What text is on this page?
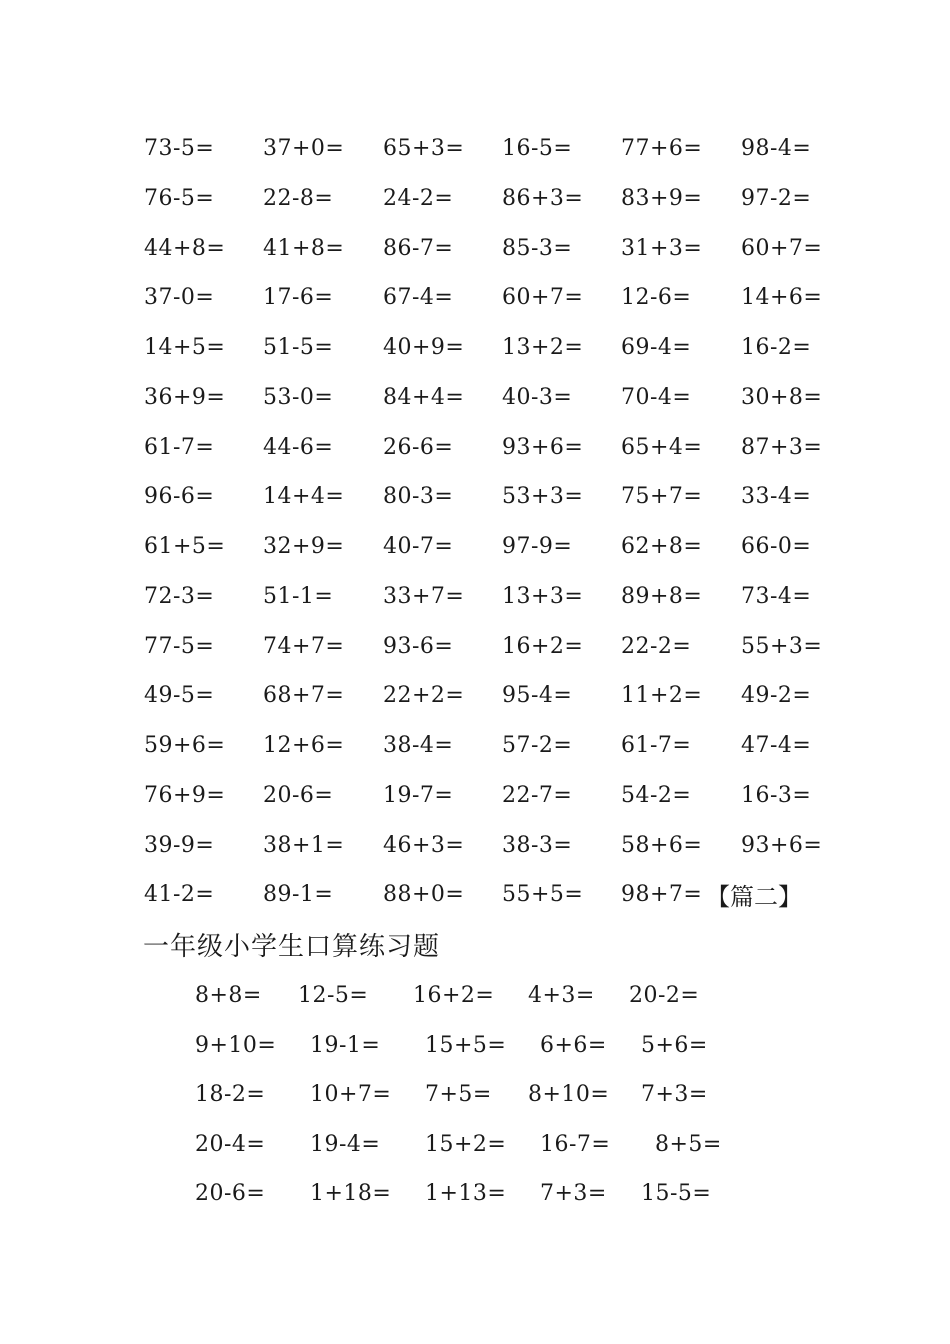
73-5= 37+0= 65+3= 16-5= 77+6= 98-4=
76-5= 22-8= 24-2= 86+3= 83+9= 97-2=
44+8= 41+8= 86-7= 85-3= 31+3= 60+7=
37-0= 17-6= 67-4= 60+7= 12-6= 14+6=
14+5= 51-5= 40+9= 13+2= 69-4= 16-2=
36+9= 53-0= 84+4= 40-3= 70-4= 30+8=
61-7= 44-6= 26-6= 93+6= 65+4= 87+3=
96-6= 14+4= 80-3= 53+3= 75+7= 33-4=
61+5= 32+9= 40-7= 97-9= 62+8= 66-0=
72-3= 51-1= 33+7= 13+3= 89+8= 73-4=
77-5= 74+7= 93-6= 16+2= 22-2= 55+3=
49-5= 68+7= 22+2= 95-4= 11+2= 49-2=
59+6= 12+6= 38-4= 57-2= 61-7= 47-4=
76+9= 20-6= 19-7= 22-7= 54-2= 16-3=
39-9= 38+1= 46+3= 38-3= 58+6= 93+6=
41-2= 89-1= 88+0= 55+5= 98+7= 【篇二】
一年级小学生口算练习题
8+8= 12-5= 16+2= 4+3= 20-2=
9+10= 19-1= 15+5= 6+6= 5+6=
18-2= 10+7= 7+5= 8+10= 7+3=
20-4= 19-4= 15+2= 16-7= 8+5=
20-6= 1+18= 1+13= 7+3= 15-5=
